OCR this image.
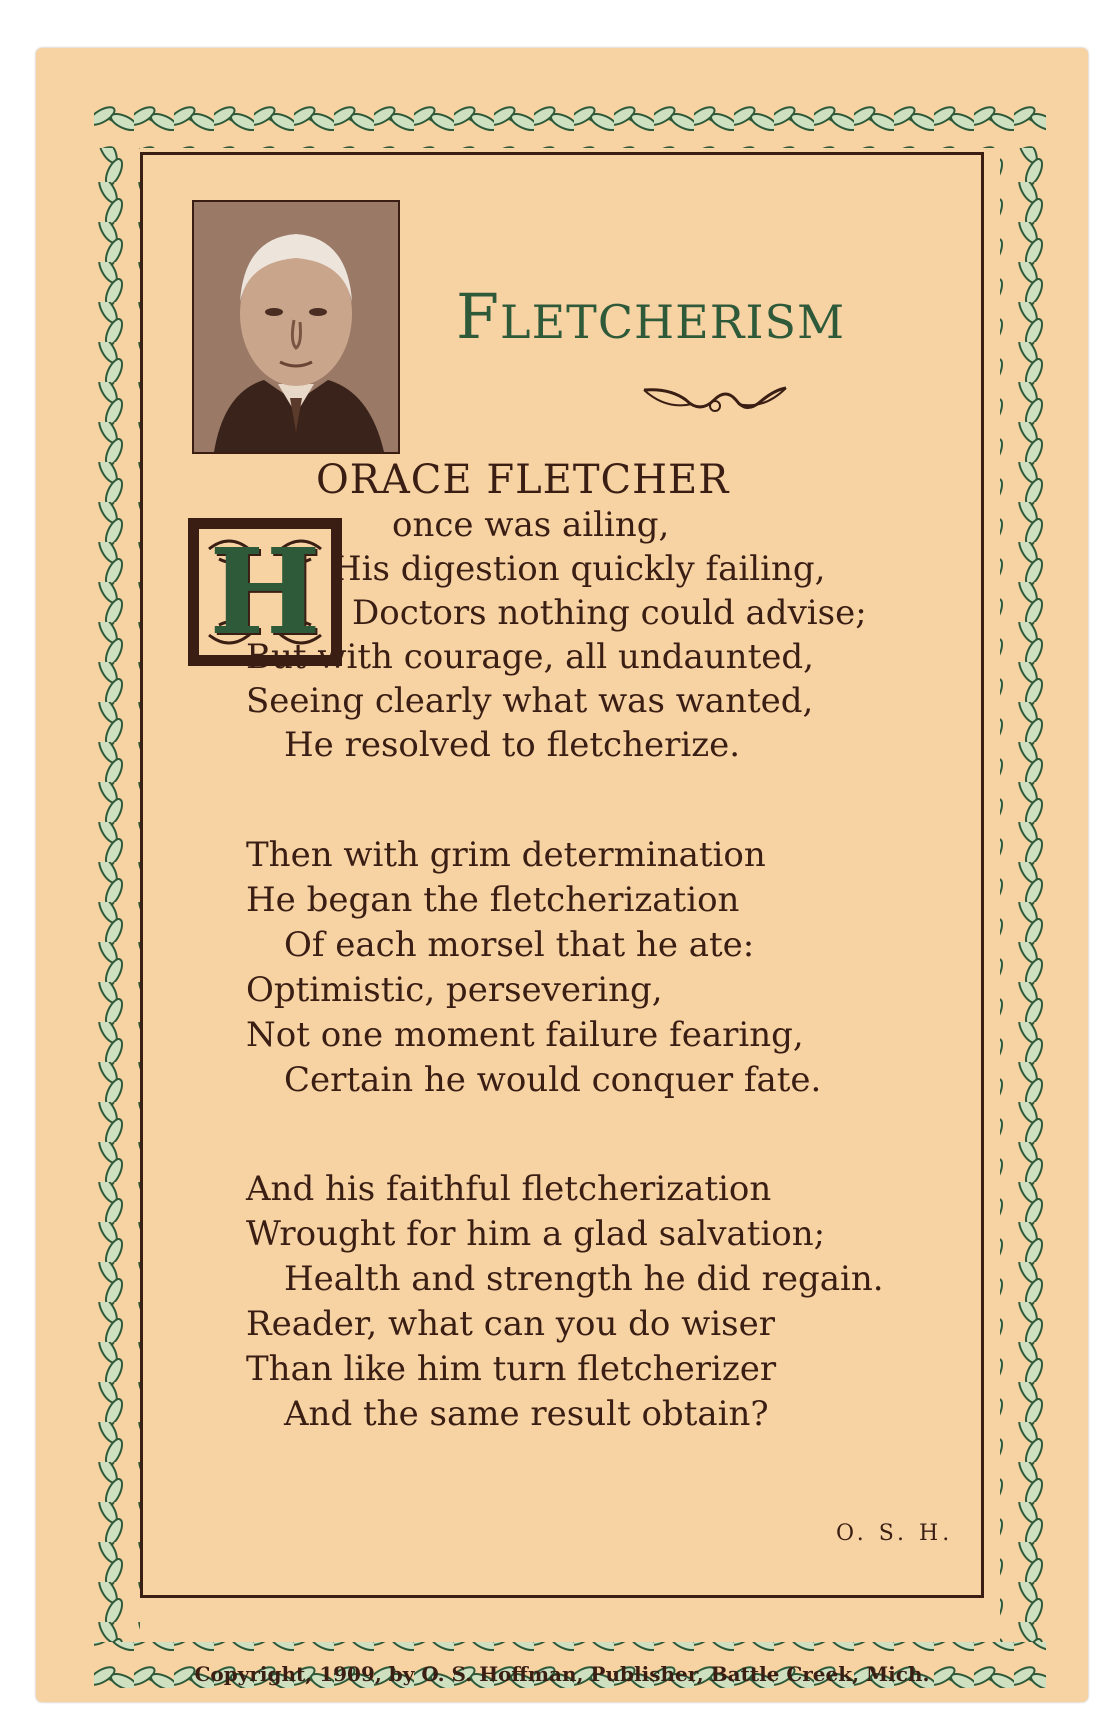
FLETCHERISM
H
ORACE FLETCHER
once was ailing,
His digestion quickly failing,
Doctors nothing could advise;
But with courage, all undaunted,
Seeing clearly what was wanted,
He resolved to fletcherize.
Then with grim determination
He began the fletcherization
Of each morsel that he ate:
Optimistic, persevering,
Not one moment failure fearing,
Certain he would conquer fate.
And his faithful fletcherization
Wrought for him a glad salvation;
Health and strength he did regain.
Reader, what can you do wiser
Than like him turn fletcherizer
And the same result obtain?
O. S. H.
Copyright, 1909, by O. S. Hoffman, Publisher, Battle Creek, Mich.
